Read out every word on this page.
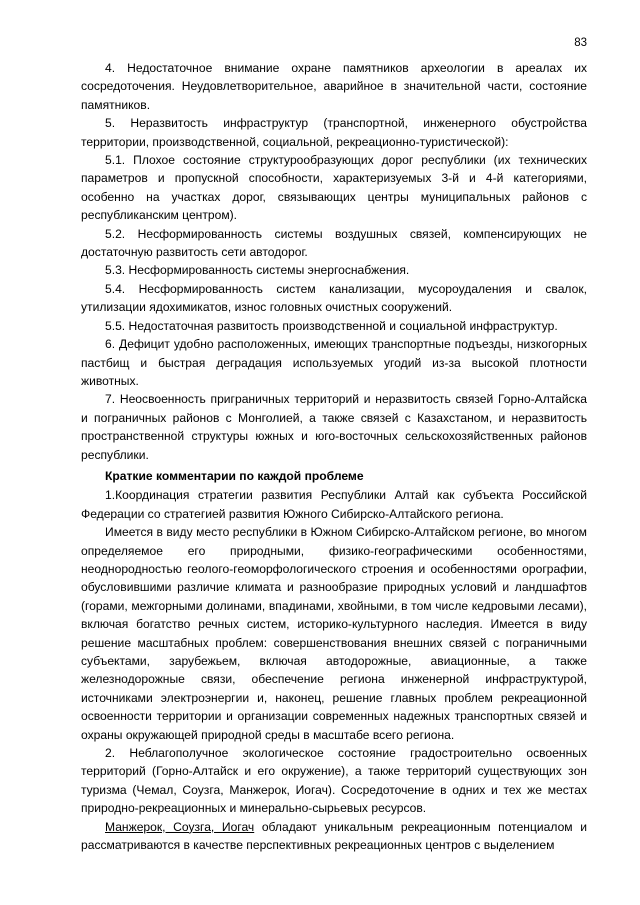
83

4. Недостаточное внимание охране памятников археологии в ареалах их сосредоточения. Неудовлетворительное, аварийное в значительной части, состояние памятников.

5. Неразвитость инфраструктур (транспортной, инженерного обустройства территории, производственной, социальной, рекреационно-туристической):

5.1. Плохое состояние структурообразующих дорог республики (их технических параметров и пропускной способности, характеризуемых 3-й и 4-й категориями, особенно на участках дорог, связывающих центры муниципальных районов с республиканским центром).

5.2. Несформированность системы воздушных связей, компенсирующих не достаточную развитость сети автодорог.

5.3. Несформированность системы энергоснабжения.

5.4. Несформированность систем канализации, мусороудаления и свалок, утилизации ядохимикатов, износ головных очистных сооружений.

5.5. Недостаточная развитость производственной и социальной инфраструктур.

6. Дефицит удобно расположенных, имеющих транспортные подъезды, низкогорных пастбищ и быстрая деградация используемых угодий из-за высокой плотности животных.

7. Неосвоенность приграничных территорий и неразвитость связей Горно-Алтайска и пограничных районов с Монголией, а также связей с Казахстаном, и неразвитость пространственной структуры южных и юго-восточных сельскохозяйственных районов республики.

Краткие комментарии по каждой проблеме

1.Координация стратегии развития Республики Алтай как субъекта Российской Федерации со стратегией развития Южного Сибирско-Алтайского региона.

Имеется в виду место республики в Южном Сибирско-Алтайском регионе, во многом определяемое его природными, физико-географическими особенностями, неоднородностью геолого-геоморфологического строения и особенностями орографии, обусловившими различие климата и разнообразие природных условий и ландшафтов (горами, межгорными долинами, впадинами, хвойными, в том числе кедровыми лесами), включая богатство речных систем, историко-культурного наследия. Имеется в виду решение масштабных проблем: совершенствования внешних связей с пограничными субъектами, зарубежьем, включая автодорожные, авиационные, а также железнодорожные связи, обеспечение региона инженерной инфраструктурой, источниками электроэнергии и, наконец, решение главных проблем рекреационной освоенности территории и организации современных надежных транспортных связей и охраны окружающей природной среды в масштабе всего региона.

2. Неблагополучное экологическое состояние градостроительно освоенных территорий (Горно-Алтайск и его окружение), а также территорий существующих зон туризма (Чемал, Соузга, Манжерок, Иогач). Сосредоточение в одних и тех же местах природно-рекреационных и минерально-сырьевых ресурсов.

Манжерок, Соузга, Иогач обладают уникальным рекреационным потенциалом и рассматриваются в качестве перспективных рекреационных центров с выделением
